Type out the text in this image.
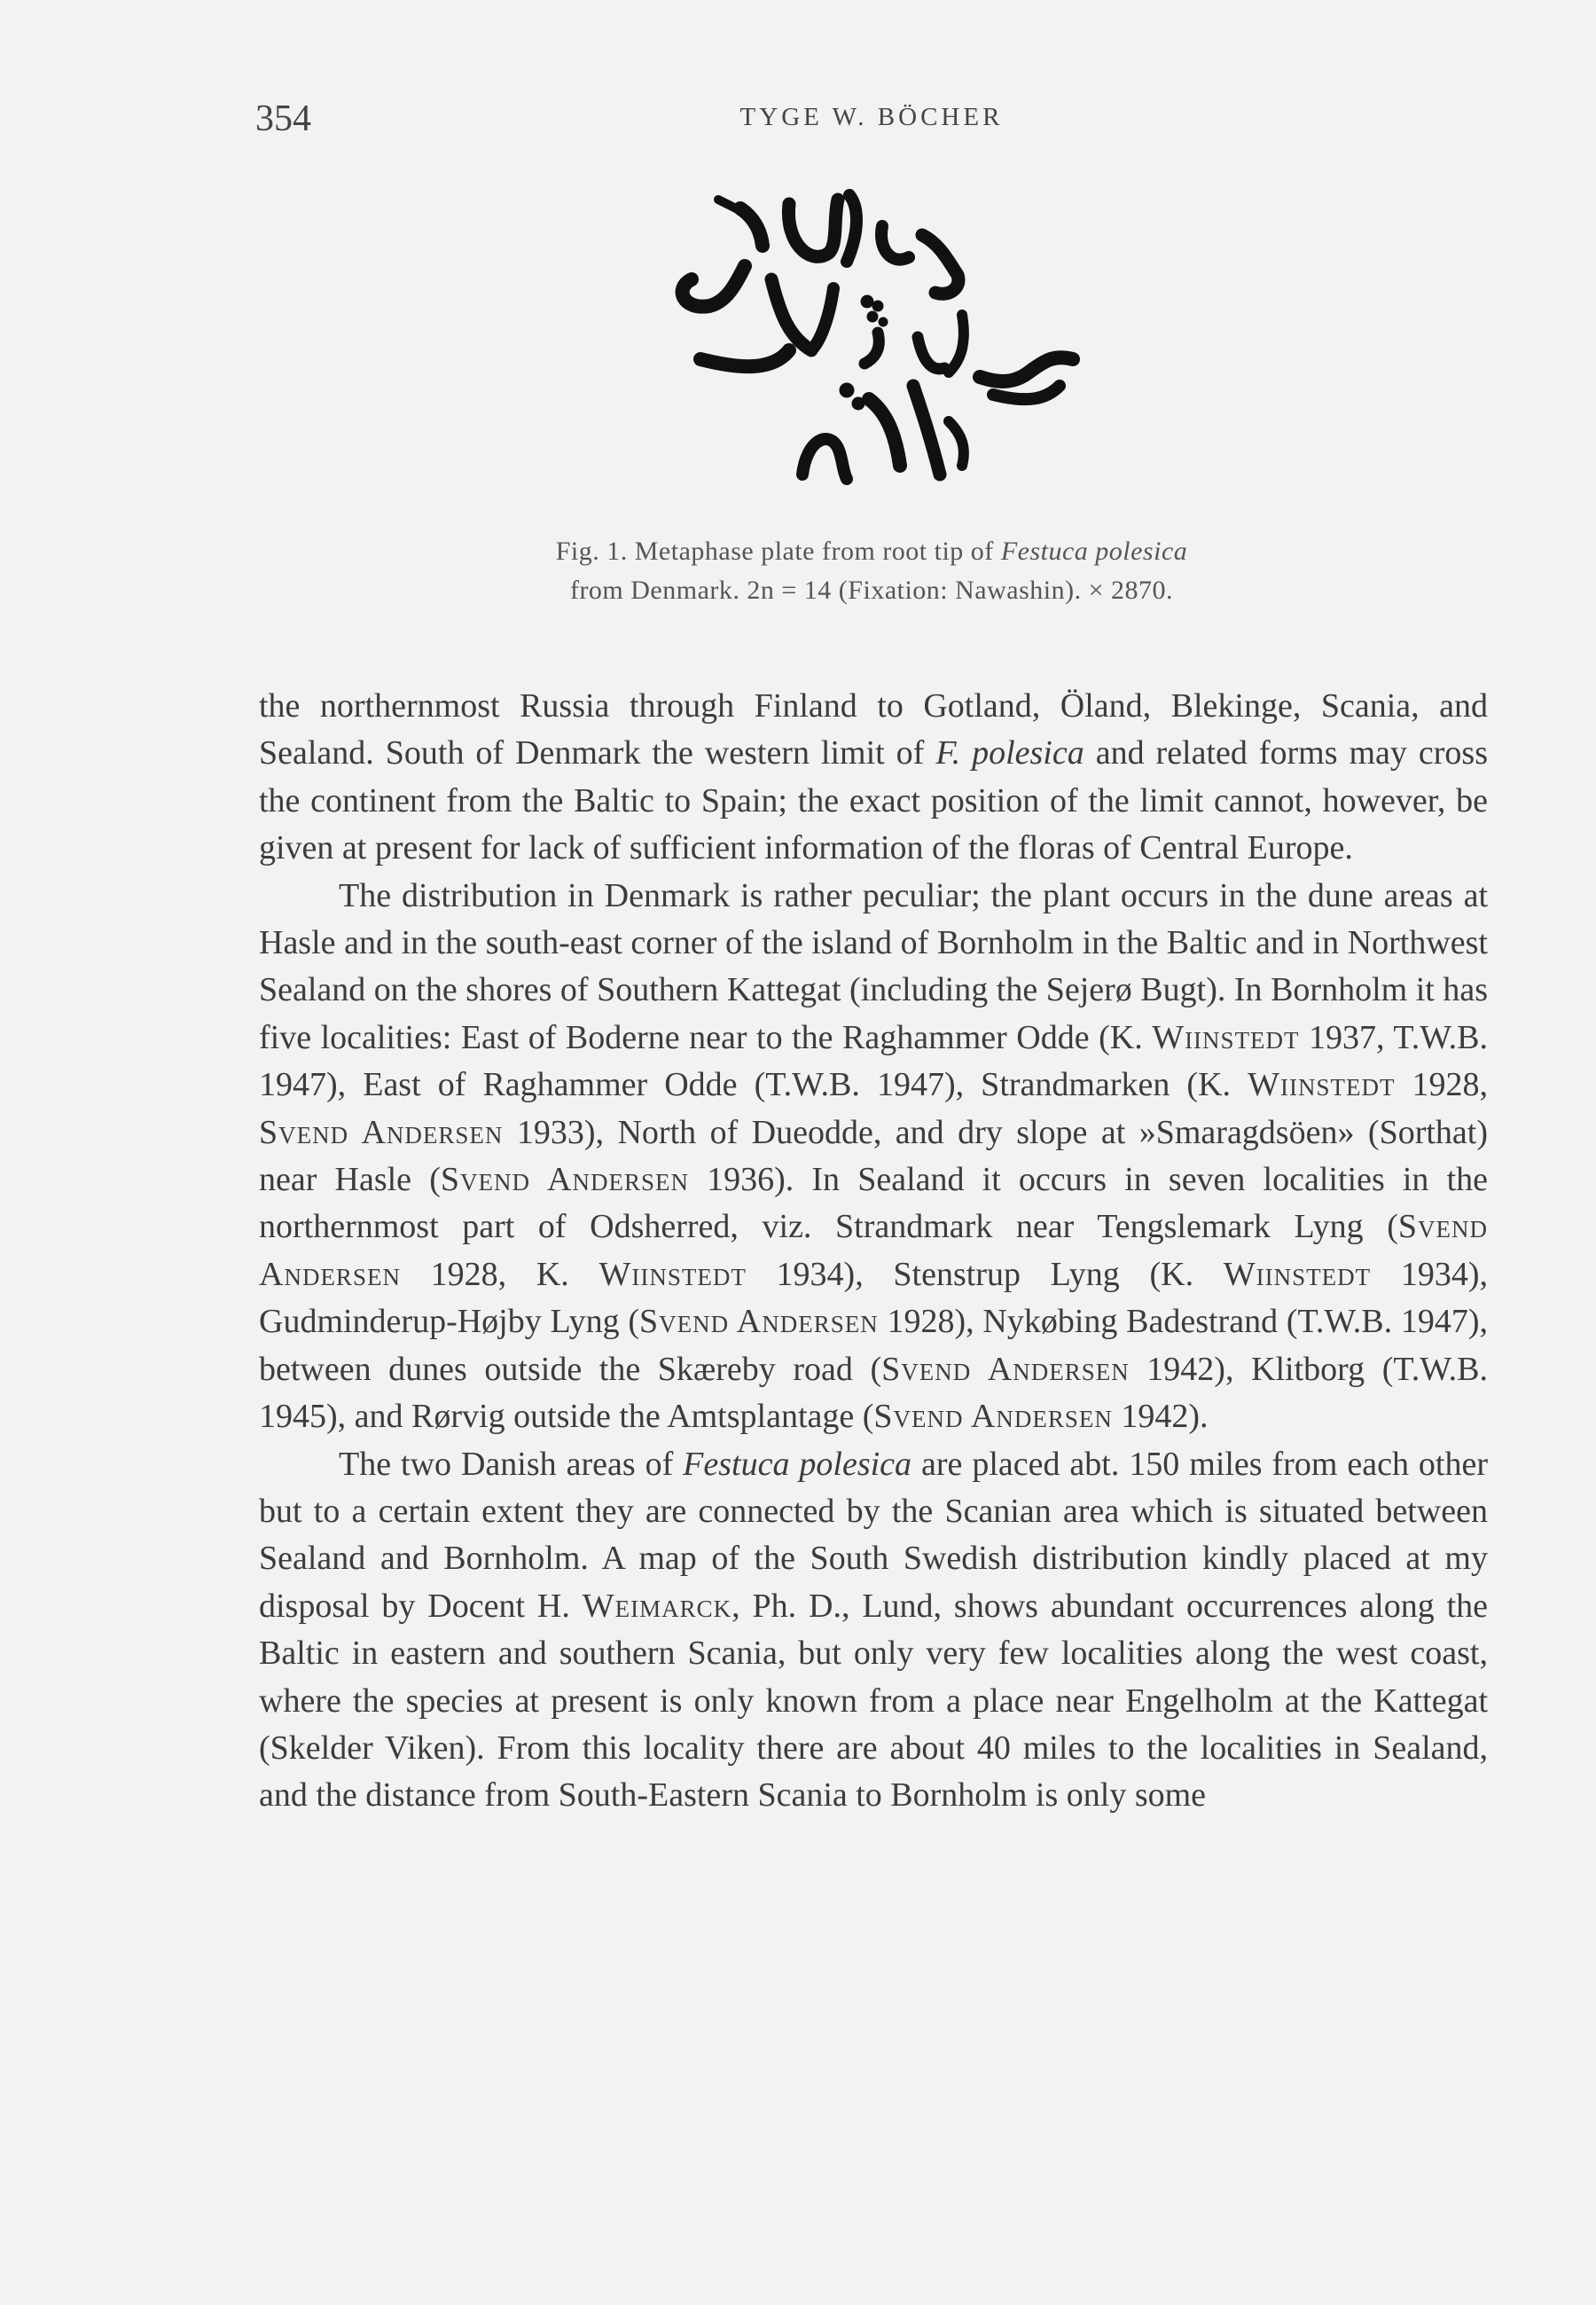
354	TYGE W. BÖCHER
Fig. 1. Metaphase plate from root tip of Festuca polesica
from Denmark. 2n = 14 (Fixation: Nawashin). × 2870.

the northernmost Russia through Finland to Gotland, Öland, Blekinge, Scania, and Sealand. South of Denmark the western limit of F. polesica and related forms may cross the continent from the Baltic to Spain; the exact position of the limit cannot, however, be given at present for lack of sufficient information of the floras of Central Europe.

The distribution in Denmark is rather peculiar; the plant occurs in the dune areas at Hasle and in the south-east corner of the island of Bornholm in the Baltic and in Northwest Sealand on the shores of Southern Kattegat (including the Sejerø Bugt). In Bornholm it has five localities: East of Boderne near to the Raghammer Odde (K. Wiinstedt 1937, T.W.B. 1947), East of Raghammer Odde (T.W.B. 1947), Strandmarken (K. Wiinstedt 1928, Svend Andersen 1933), North of Dueodde, and dry slope at »Smaragdsöen» (Sorthat) near Hasle (Svend Andersen 1936). In Sealand it occurs in seven localities in the northernmost part of Odsherred, viz. Strandmark near Tengslemark Lyng (Svend Andersen 1928, K. Wiinstedt 1934), Stenstrup Lyng (K. Wiinstedt 1934), Gudminderup-Højby Lyng (Svend Andersen 1928), Nykøbing Badestrand (T.W.B. 1947), between dunes outside the Skæreby road (Svend Andersen 1942), Klitborg (T.W.B. 1945), and Rørvig outside the Amtsplantage (Svend Andersen 1942).

The two Danish areas of Festuca polesica are placed abt. 150 miles from each other but to a certain extent they are connected by the Scanian area which is situated between Sealand and Bornholm. A map of the South Swedish distribution kindly placed at my disposal by Docent H. Weimarck, Ph. D., Lund, shows abundant occurrences along the Baltic in eastern and southern Scania, but only very few localities along the west coast, where the species at present is only known from a place near Engelholm at the Kattegat (Skelder Viken). From this locality there are about 40 miles to the localities in Sealand, and the distance from South-Eastern Scania to Bornholm is only some
